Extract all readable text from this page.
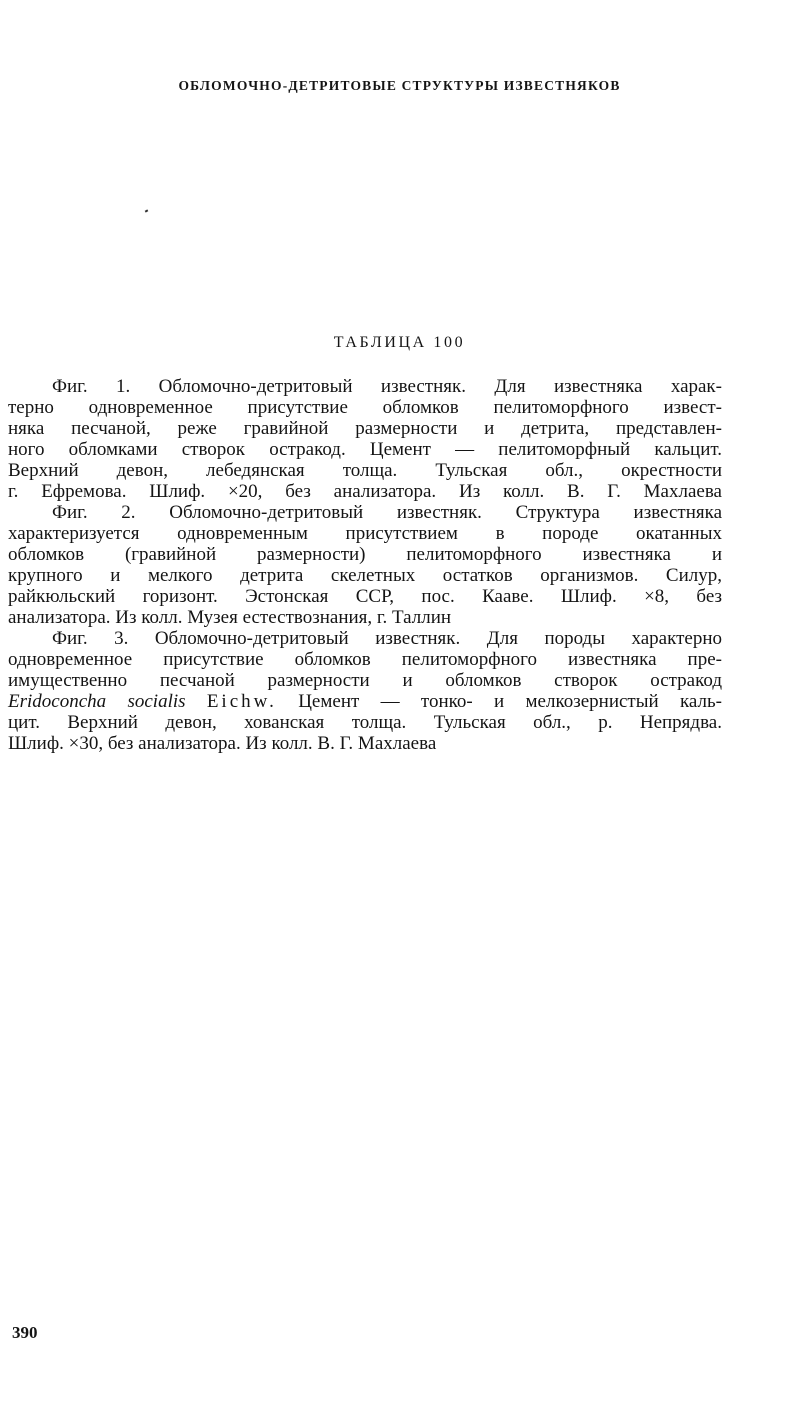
ОБЛОМОЧНО-ДЕТРИТОВЫЕ СТРУКТУРЫ ИЗВЕСТНЯКОВ
ТАБЛИЦА 100

Фиг. 1. Обломочно-детритовый известняк. Для известняка харак-
терно одновременное присутствие обломков пелитоморфного извест-
няка песчаной, реже гравийной размерности и детрита, представлен-
ного обломками створок остракод. Цемент — пелитоморфный кальцит.
Верхний девон, лебедянская толща. Тульская обл., окрестности
г. Ефремова. Шлиф. ×20, без анализатора. Из колл. В. Г. Махлаева

Фиг. 2. Обломочно-детритовый известняк. Структура известняка
характеризуется одновременным присутствием в породе окатанных
обломков (гравийной размерности) пелитоморфного известняка и
крупного и мелкого детрита скелетных остатков организмов. Силур,
райкюльский горизонт. Эстонская ССР, пос. Кааве. Шлиф. ×8, без
анализатора. Из колл. Музея естествознания, г. Таллин

Фиг. 3. Обломочно-детритовый известняк. Для породы характерно
одновременное присутствие обломков пелитоморфного известняка пре-
имущественно песчаной размерности и обломков створок остракод
Eridoconcha socialis Eichw. Цемент — тонко- и мелкозернистый каль-
цит. Верхний девон, хованская толща. Тульская обл., р. Непрядва.
Шлиф. ×30, без анализатора. Из колл. В. Г. Махлаева

390
